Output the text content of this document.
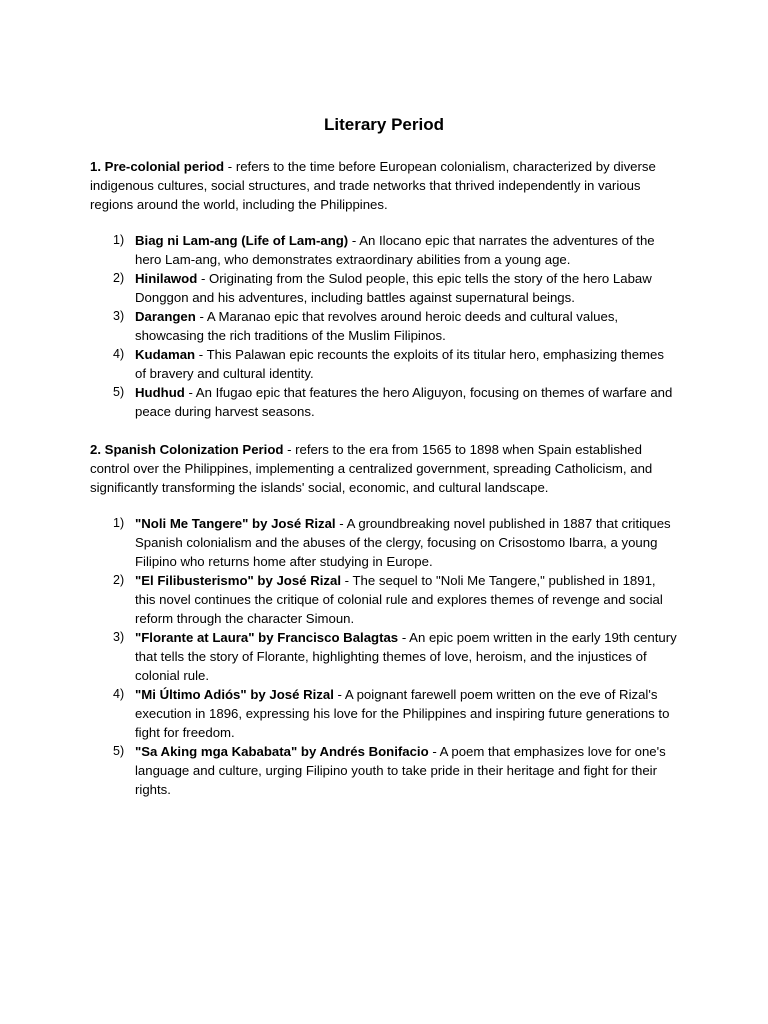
Literary Period

1. Pre-colonial period - refers to the time before European colonialism, characterized by diverse indigenous cultures, social structures, and trade networks that thrived independently in various regions around the world, including the Philippines.

1) Biag ni Lam-ang (Life of Lam-ang) - An Ilocano epic that narrates the adventures of the hero Lam-ang, who demonstrates extraordinary abilities from a young age.
2) Hinilawod - Originating from the Sulod people, this epic tells the story of the hero Labaw Donggon and his adventures, including battles against supernatural beings.
3) Darangen - A Maranao epic that revolves around heroic deeds and cultural values, showcasing the rich traditions of the Muslim Filipinos.
4) Kudaman - This Palawan epic recounts the exploits of its titular hero, emphasizing themes of bravery and cultural identity.
5) Hudhud - An Ifugao epic that features the hero Aliguyon, focusing on themes of warfare and peace during harvest seasons.

2. Spanish Colonization Period - refers to the era from 1565 to 1898 when Spain established control over the Philippines, implementing a centralized government, spreading Catholicism, and significantly transforming the islands' social, economic, and cultural landscape.

1) "Noli Me Tangere" by José Rizal - A groundbreaking novel published in 1887 that critiques Spanish colonialism and the abuses of the clergy, focusing on Crisostomo Ibarra, a young Filipino who returns home after studying in Europe.
2) "El Filibusterismo" by José Rizal - The sequel to "Noli Me Tangere," published in 1891, this novel continues the critique of colonial rule and explores themes of revenge and social reform through the character Simoun.
3) "Florante at Laura" by Francisco Balagtas - An epic poem written in the early 19th century that tells the story of Florante, highlighting themes of love, heroism, and the injustices of colonial rule.
4) "Mi Último Adiós" by José Rizal - A poignant farewell poem written on the eve of Rizal's execution in 1896, expressing his love for the Philippines and inspiring future generations to fight for freedom.
5) "Sa Aking mga Kababata" by Andrés Bonifacio - A poem that emphasizes love for one's language and culture, urging Filipino youth to take pride in their heritage and fight for their rights.
